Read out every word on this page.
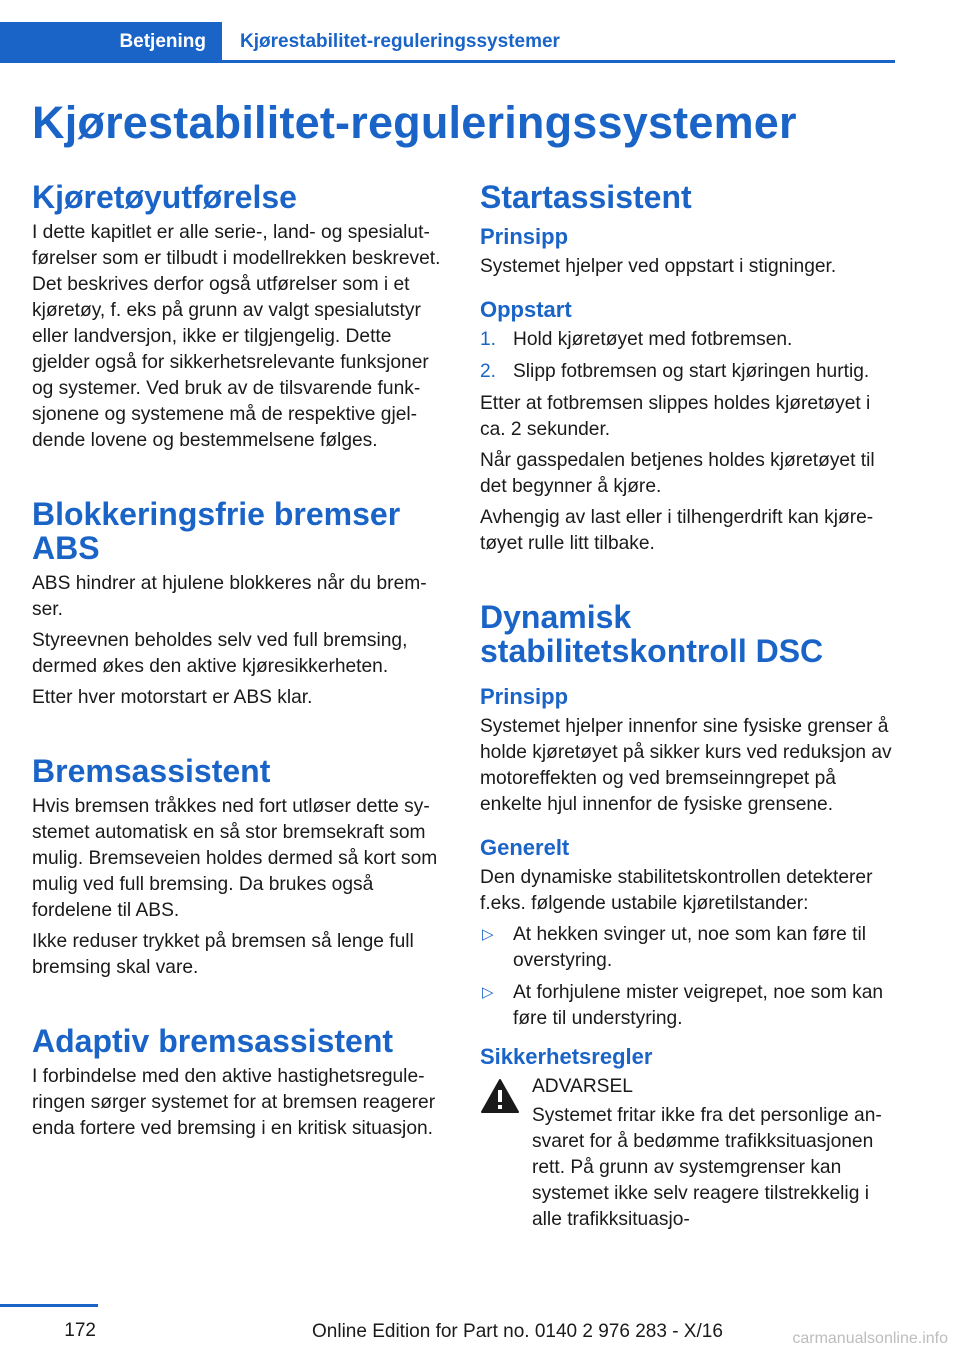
Betjening	Kjørestabilitet-reguleringssystemer
Kjørestabilitet-reguleringssystemer
Kjøretøyutførelse

I dette kapitlet er alle serie-, land- og spesialutførelser som er tilbudt i modellrekken beskrevet. Det beskrives derfor også utførelser som i et kjøretøy, f. eks på grunn av valgt spesialutstyr eller landversjon, ikke er tilgjengelig. Dette gjelder også for sikkerhetsrelevante funksjoner og systemer. Ved bruk av de tilsvarende funksjonene og systemene må de respektive gjeldende lovene og bestemmelsene følges.

Blokkeringsfrie bremser ABS

ABS hindrer at hjulene blokkeres når du bremser.

Styreevnen beholdes selv ved full bremsing, dermed økes den aktive kjøresikkerheten.

Etter hver motorstart er ABS klar.

Bremsassistent

Hvis bremsen tråkkes ned fort utløser dette systemet automatisk en så stor bremsekraft som mulig. Bremseveien holdes dermed så kort som mulig ved full bremsing. Da brukes også fordelene til ABS.

Ikke reduser trykket på bremsen så lenge full bremsing skal vare.

Adaptiv bremsassistent

I forbindelse med den aktive hastighetsreguleringen sørger systemet for at bremsen reagerer enda fortere ved bremsing i en kritisk situasjon.

Startassistent
Prinsipp

Systemet hjelper ved oppstart i stigninger.

Oppstart
1. Hold kjøretøyet med fotbremsen.
2. Slipp fotbremsen og start kjøringen hurtig.

Etter at fotbremsen slippes holdes kjøretøyet i ca. 2 sekunder.

Når gasspedalen betjenes holdes kjøretøyet til det begynner å kjøre.

Avhengig av last eller i tilhengerdrift kan kjøretøyet rulle litt tilbake.

Dynamisk stabilitetskontroll DSC
Prinsipp

Systemet hjelper innenfor sine fysiske grenser å holde kjøretøyet på sikker kurs ved reduksjon av motoreffekten og ved bremseinngrepet på enkelte hjul innenfor de fysiske grensene.

Generelt

Den dynamiske stabilitetskontrollen detekterer f.eks. følgende ustabile kjøretilstander:

▷ At hekken svinger ut, noe som kan føre til overstyring.
▷ At forhjulene mister veigrepet, noe som kan føre til understyring.
Sikkerhetsregler

ADVARSEL

Systemet fritar ikke fra det personlige ansvaret for å bedømme trafikksituasjonen rett. På grunn av systemgrenser kan systemet ikke selv reagere tilstrekkelig i alle trafikksituasjo-

172	Online Edition for Part no. 0140 2 976 283 - X/16	carmanualsonline.info
